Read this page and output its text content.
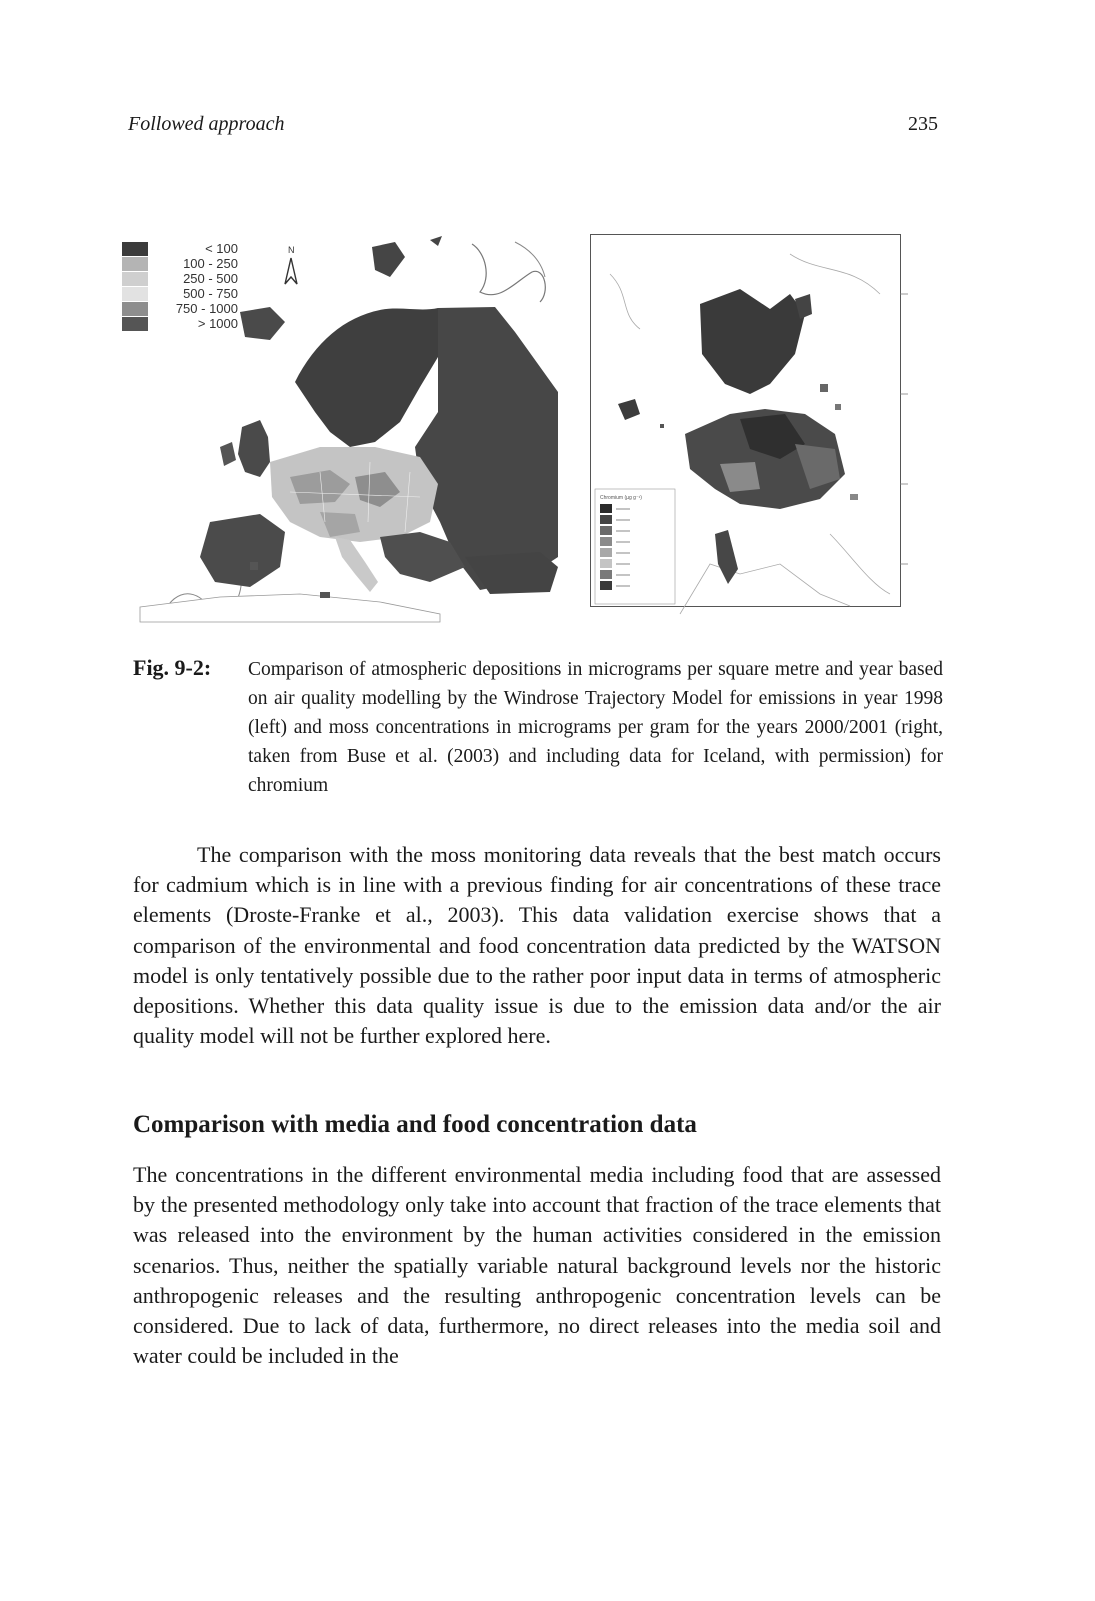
Followed approach	235
N
< 100
100 - 250
250 - 500
500 - 750
750 - 1000
> 1000
Chromium (µg g⁻¹)
Fig. 9-2: Comparison of atmospheric depositions in micrograms per square metre and year based on air quality modelling by the Windrose Trajectory Model for emissions in year 1998 (left) and moss concentrations in micrograms per gram for the years 2000/2001 (right, taken from Buse et al. (2003) and including data for Iceland, with permission) for chromium

The comparison with the moss monitoring data reveals that the best match occurs for cadmium which is in line with a previous finding for air concentrations of these trace elements (Droste-Franke et al., 2003). This data validation exercise shows that a comparison of the environmental and food concentration data predicted by the WATSON model is only tentatively possible due to the rather poor input data in terms of atmospheric depositions. Whether this data quality issue is due to the emission data and/or the air quality model will not be further explored here.

Comparison with media and food concentration data

The concentrations in the different environmental media including food that are assessed by the presented methodology only take into account that fraction of the trace elements that was released into the environment by the human activities considered in the emission scenarios. Thus, neither the spatially variable natural background levels nor the historic anthropogenic releases and the resulting anthropogenic concentration levels can be considered. Due to lack of data, furthermore, no direct releases into the media soil and water could be included in the
